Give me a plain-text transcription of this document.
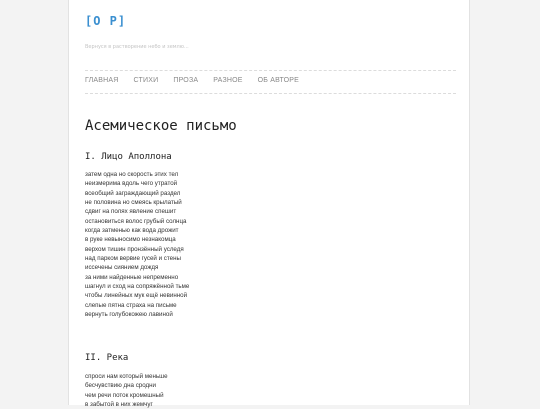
[O P]
Вернуся в растворение небо и землю...
ГЛАВНАЯ СТИХИ ПРОЗА РАЗНОЕ ОБ АВТОРЕ
Асемическое письмо
I. Лицо Аполлона
затем одна но скорость этих тел
неизмерима вдоль чего утратой
всеобщий заграждающий раздел
не половина но смеясь крылатый
сдвиг на полях явление спешит
остановиться волос грубый солнца
когда затменью как вода дрожит
в руке невыносимо незнакомца
верхом тишин пронзённый уследя
над парком вервие гусей и стены
иссечены сиянием дождя
за ними найденные непременно
шагнул и сход на сопряжённой тьме
чтобы линейных мук ещё невинной
слепые пятна страха на письме
вернуть голубокожею лавиной
II. Река
спроси нам который меньше
бесчувствию дна сродни
чем речи поток кромешный
в забытой в них жемчуг
